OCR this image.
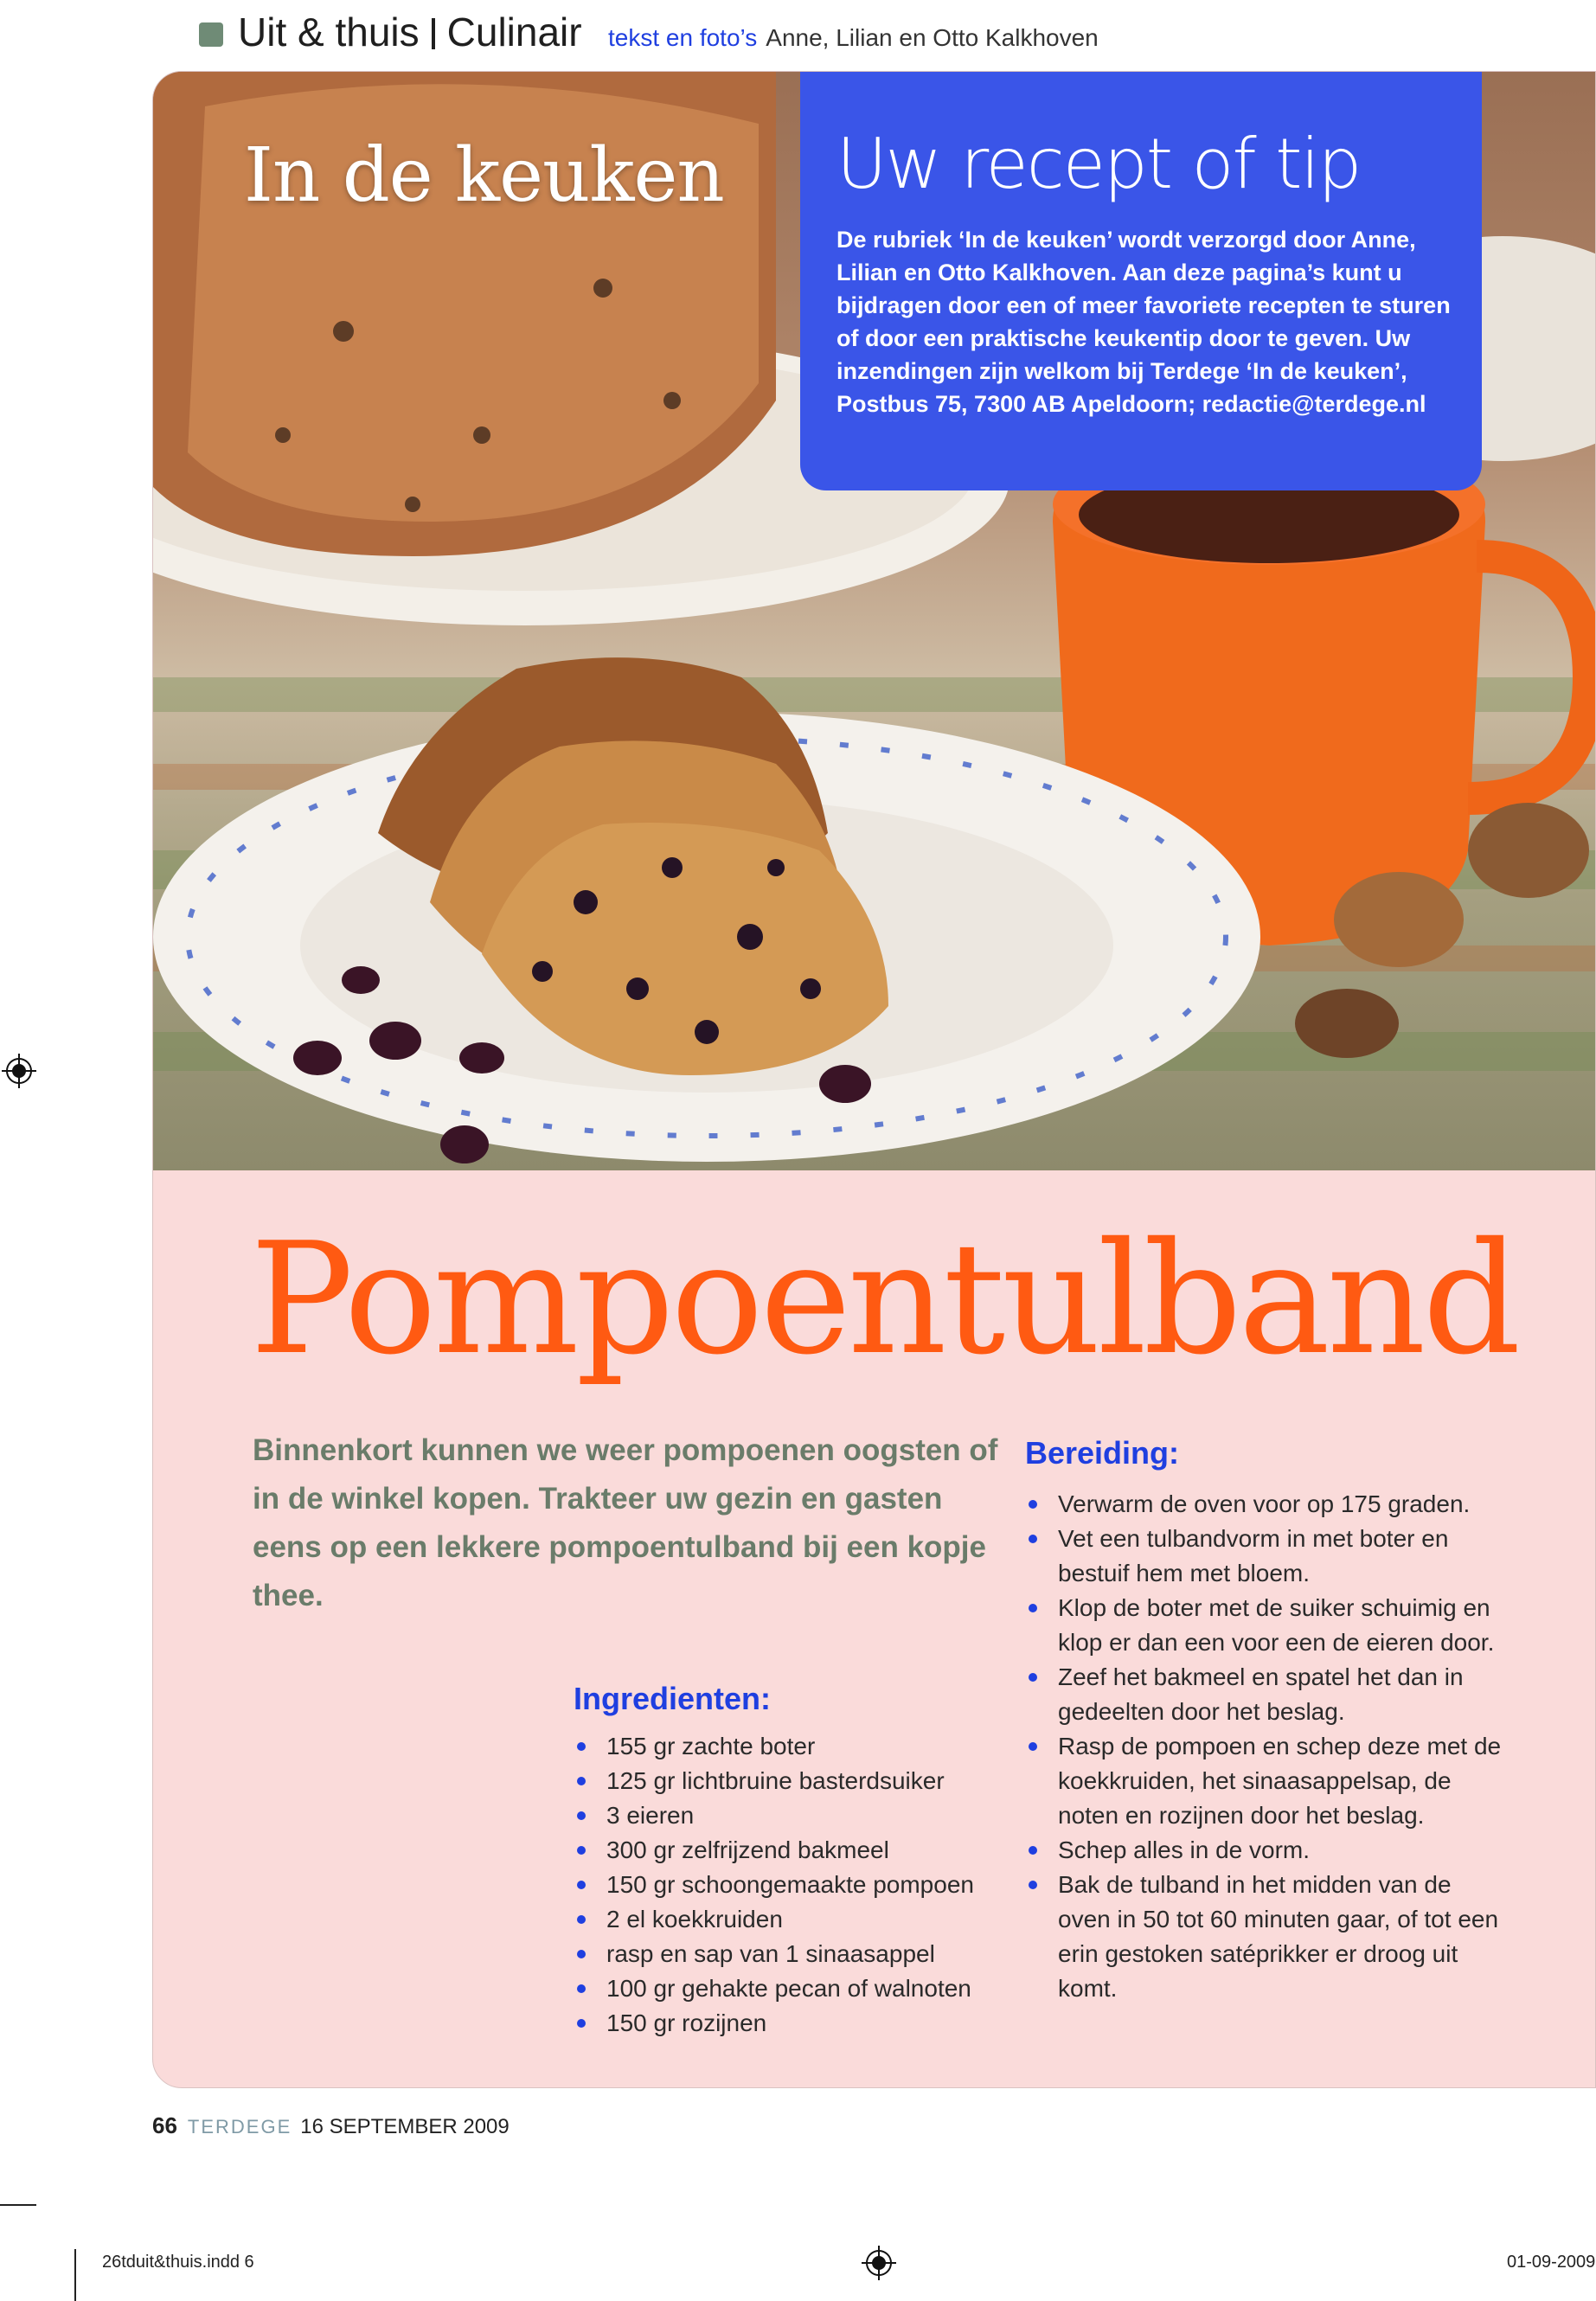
Uit & thuis Culinair tekst en foto’s Anne, Lilian en Otto Kalkhoven
In de keuken Uw recept of tip
De rubriek ‘In de keuken’ wordt verzorgd door Anne, Lilian en Otto Kalkhoven. Aan deze pagina’s kunt u bijdragen door een of meer favoriete recepten te sturen of door een praktische keukentip door te geven. Uw inzendingen zijn welkom bij Terdege ‘In de keuken’, Postbus 75, 7300 AB Apeldoorn; redactie@terdege.nl
Pompoentulband
Binnenkort kunnen we weer pompoenen oogsten of in de winkel kopen. Trakteer uw gezin en gasten eens op een lekkere pompoentulband bij een kopje thee.
Ingredienten:
155 gr zachte boter
125 gr lichtbruine basterdsuiker
3 eieren
300 gr zelfrijzend bakmeel
150 gr schoongemaakte pompoen
2 el koekkruiden
rasp en sap van 1 sinaasappel
100 gr gehakte pecan of walnoten
150 gr rozijnen
Bereiding:
Verwarm de oven voor op 175 graden.
Vet een tulbandvorm in met boter en bestuif hem met bloem.
Klop de boter met de suiker schuimig en klop er dan een voor een de eieren door.
Zeef het bakmeel en spatel het dan in gedeelten door het beslag.
Rasp de pompoen en schep deze met de koekkruiden, het sinaasappelsap, de noten en rozijnen door het beslag.
Schep alles in de vorm.
Bak de tulband in het midden van de oven in 50 tot 60 minuten gaar, of tot een erin gestoken satéprikker er droog uit komt.
66 TERDEGE 16 SEPTEMBER 2009
26tduit&thuis.indd 6	01-09-2009
